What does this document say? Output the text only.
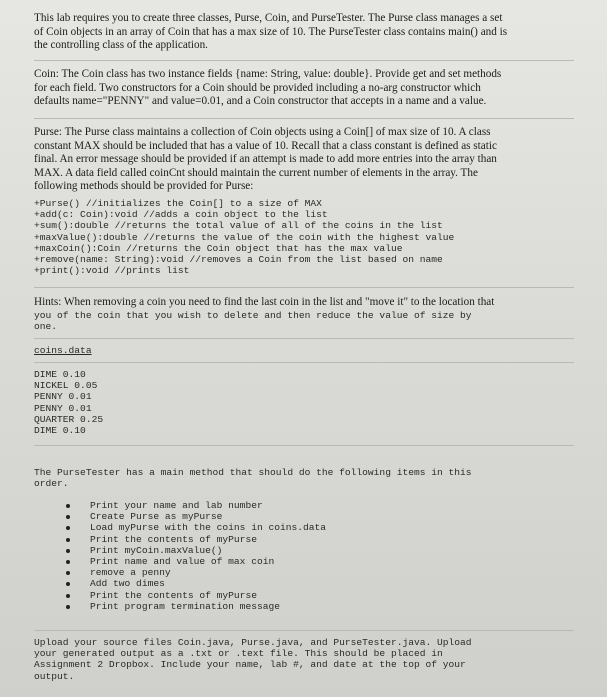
This lab requires you to create three classes, Purse, Coin, and PurseTester. The Purse class manages a set
of Coin objects in an array of Coin that has a max size of 10. The PurseTester class contains main() and is
the controlling class of the application.
Coin: The Coin class has two instance fields {name: String, value: double}. Provide get and set methods
for each field. Two constructors for a Coin should be provided including a no-arg constructor which
defaults name="PENNY" and value=0.01, and a Coin constructor that accepts in a name and a value.
Purse: The Purse class maintains a collection of Coin objects using a Coin[] of max size of 10. A class
constant MAX should be included that has a value of 10. Recall that a class constant is defined as static
final. An error message should be provided if an attempt is made to add more entries into the array than
MAX. A data field called coinCnt should maintain the current number of elements in the array. The
following methods should be provided for Purse:
+Purse() //initializes the Coin[] to a size of MAX
+add(c: Coin):void //adds a coin object to the list
+sum():double //returns the total value of all of the coins in the list
+maxValue():double //returns the value of the coin with the highest value
+maxCoin():Coin //returns the Coin object that has the max value
+remove(name: String):void //removes a Coin from the list based on name
+print():void //prints list
Hints: When removing a coin you need to find the last coin in the list and "move it" to the location that
you of the coin that you wish to delete and then reduce the value of size by
one.
coins.data
DIME 0.10
NICKEL 0.05
PENNY 0.01
PENNY 0.01
QUARTER 0.25
DIME 0.10
The PurseTester has a main method that should do the following items in this
order.
Print your name and lab number
Create Purse as myPurse
Load myPurse with the coins in coins.data
Print the contents of myPurse
Print myCoin.maxValue()
Print name and value of max coin
remove a penny
Add two dimes
Print the contents of myPurse
Print program termination message
Upload your source files Coin.java, Purse.java, and PurseTester.java. Upload
your generated output as a .txt or .text file. This should be placed in
Assignment 2 Dropbox. Include your name, lab #, and date at the top of your
output.
